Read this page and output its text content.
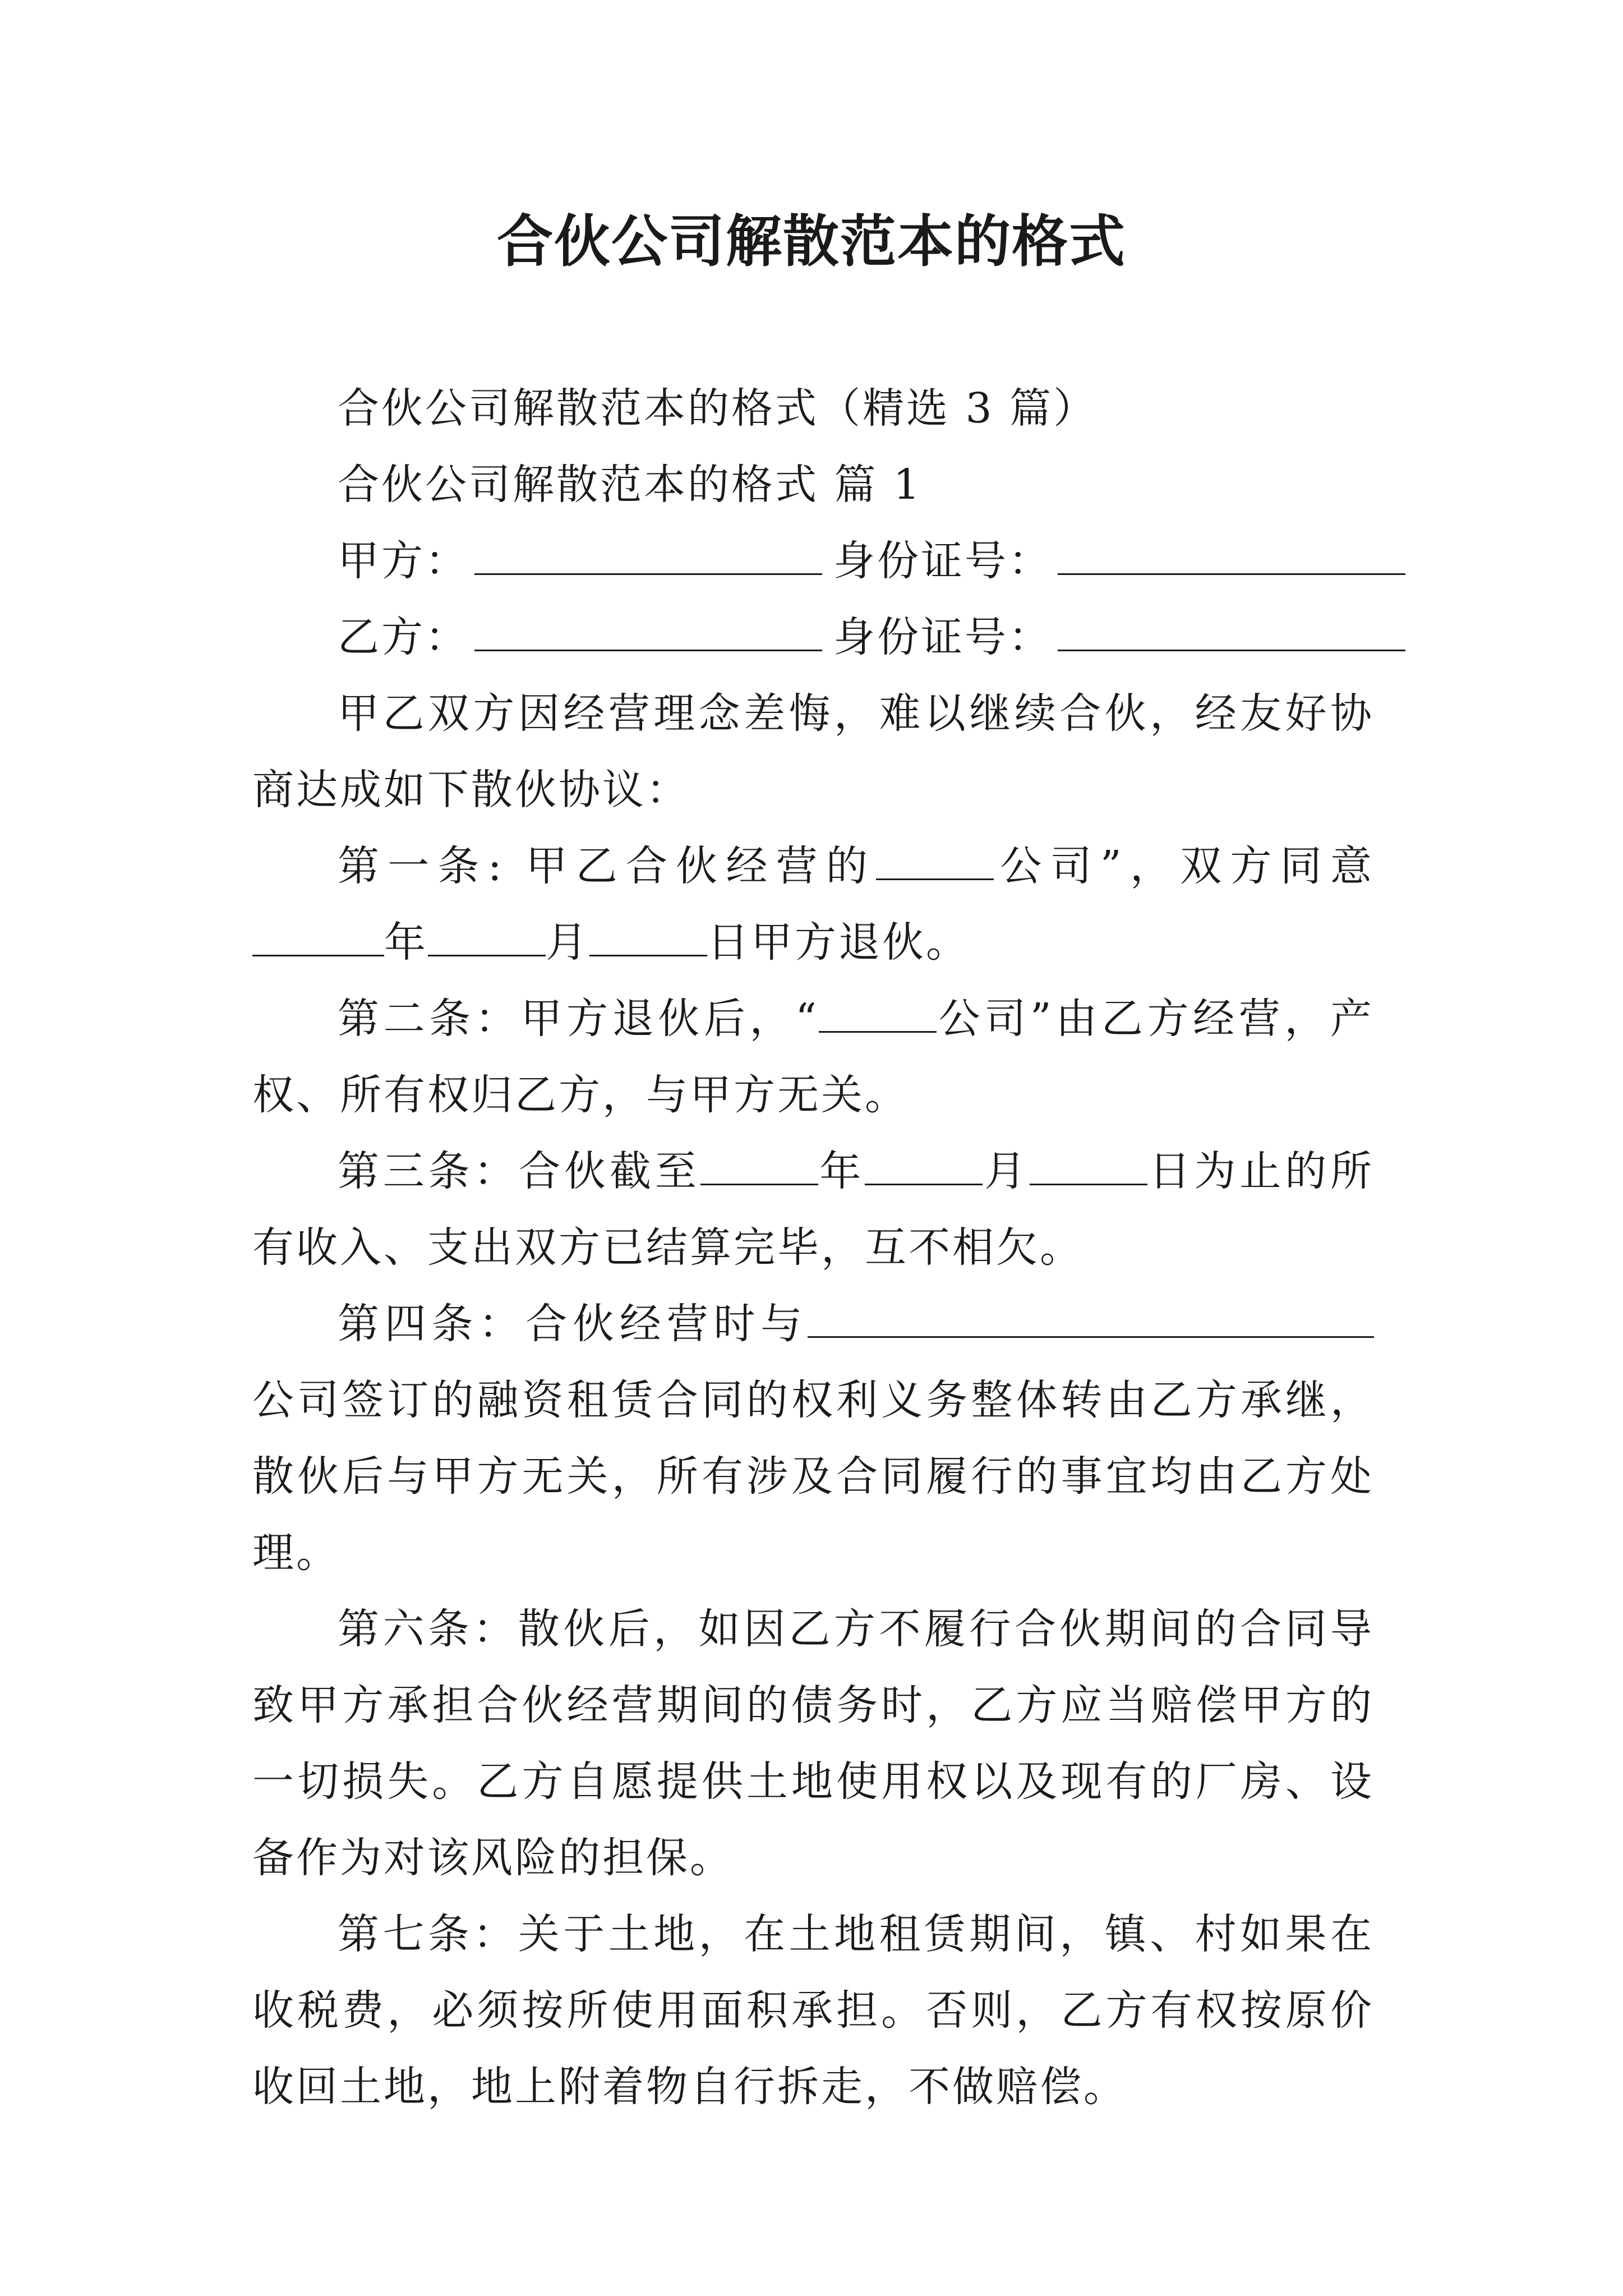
合伙公司解散范本的格式

合伙公司解散范本的格式（精选 3 篇）

合伙公司解散范本的格式 篇 1

甲方：	身份证号：

乙方：	身份证号：

甲乙双方因经营理念差悔，难以继续合伙，经友好协商达成如下散伙协议：

第一条: 甲乙合伙经营的	公司”，双方同意年	月	日甲方退伙。

第二条：甲方退伙后，“	公司”由乙方经营，产权、所有权归乙方，与甲方无关。

第三条：合伙截至	年	月	日为止的所有收入、支出双方已结算完毕，互不相欠。

第四条：合伙经营时与公司签订的融资租赁合同的权利义务整体转由乙方承继，散伙后与甲方无关，所有涉及合同履行的事宜均由乙方处理。

第六条：散伙后，如因乙方不履行合伙期间的合同导致甲方承担合伙经营期间的债务时，乙方应当赔偿甲方的一切损失。乙方自愿提供土地使用权以及现有的厂房、设备作为对该风险的担保。

第七条：关于土地，在土地租赁期间，镇、村如果在收税费，必须按所使用面积承担。否则，乙方有权按原价收回土地，地上附着物自行拆走，不做赔偿。
